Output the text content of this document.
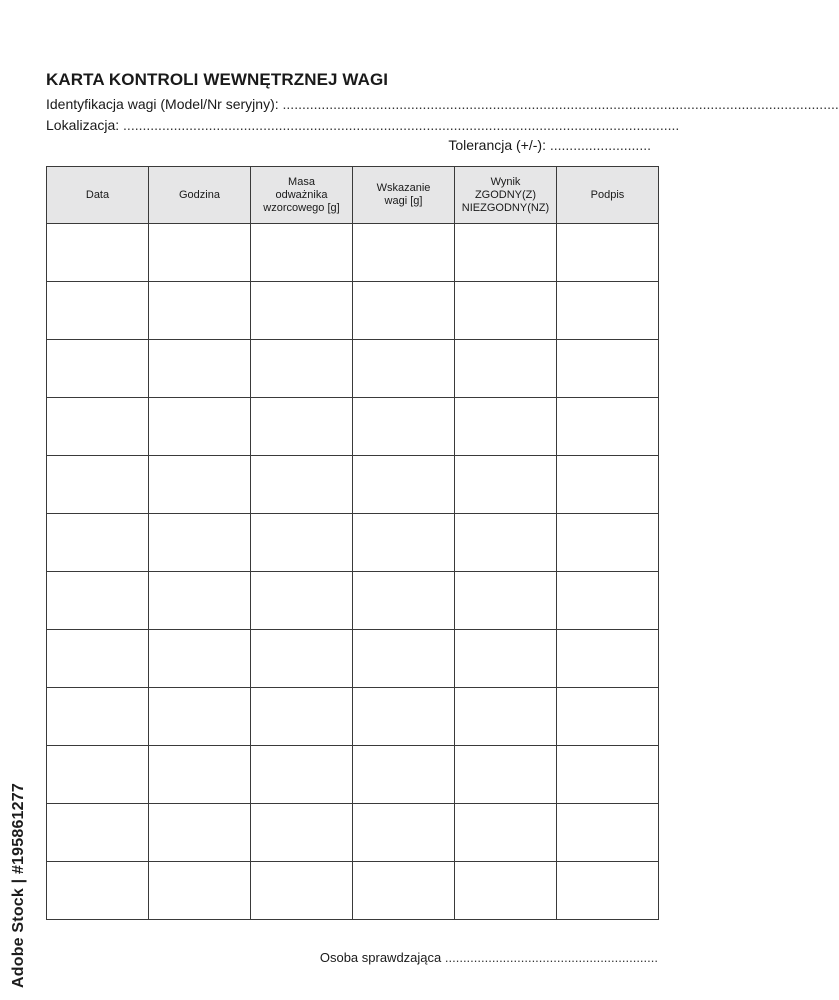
KARTA KONTROLI WEWNĘTRZNEJ WAGI
Identyfikacja wagi (Model/Nr seryjny): ...............................................................................................................................................
Lokalizacja: ...............................................................................................................................................
Tolerancja (+/-): ..........................
Data	Godzina	Masa
odważnika
wzorcowego [g]	Wskazanie
wagi [g]	Wynik
ZGODNY(Z)
NIEZGODNY(NZ)	Podpis

Osoba sprawdzająca ...........................................................
Adobe Stock | #195861277
